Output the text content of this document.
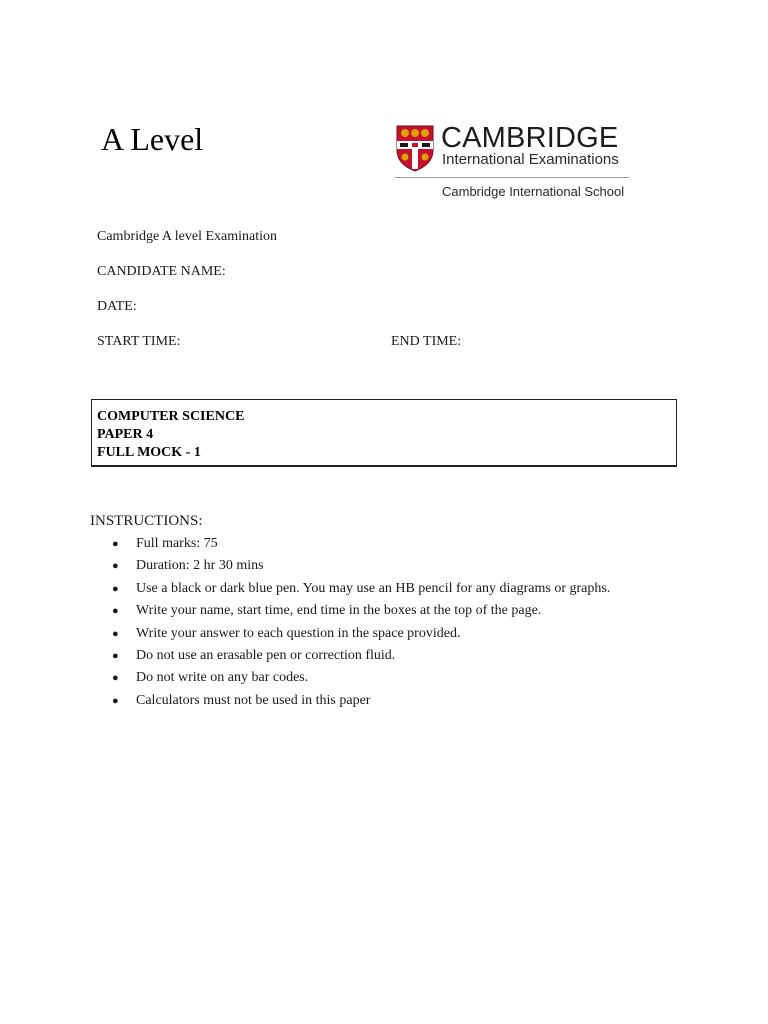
A Level	CAMBRIDGE
International Examinations
Cambridge International School
Cambridge A level Examination
CANDIDATE NAME:
DATE:
START TIME:	END TIME:
COMPUTER SCIENCE
PAPER 4
FULL MOCK - 1
INSTRUCTIONS:
● Full marks: 75
● Duration: 2 hr 30 mins
● Use a black or dark blue pen. You may use an HB pencil for any diagrams or graphs.
● Write your name, start time, end time in the boxes at the top of the page.
● Write your answer to each question in the space provided.
● Do not use an erasable pen or correction fluid.
● Do not write on any bar codes.
● Calculators must not be used in this paper
